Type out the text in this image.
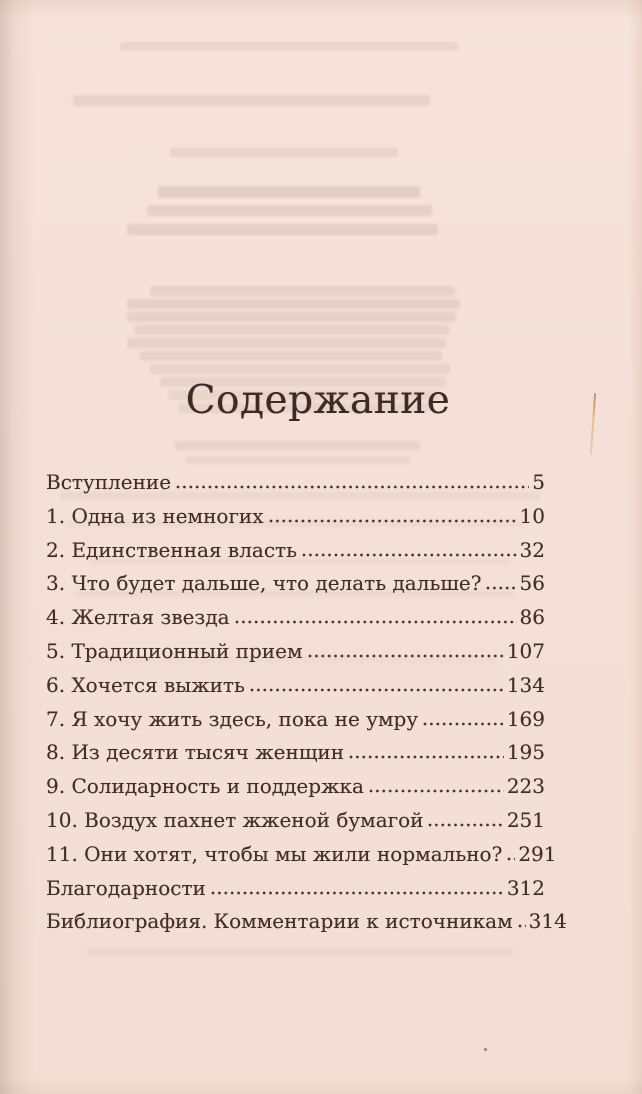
Содержание
Вступление	5
1. Одна из немногих	10
2. Единственная власть	32
3. Что будет дальше, что делать дальше? 56
4. Желтая звезда	86
5. Традиционный прием	107
6. Хочется выжить	134
7. Я хочу жить здесь, пока не умру	169
8. Из десяти тысяч женщин	195
9. Солидарность и поддержка	223
10. Воздух пахнет жженой бумагой	251
11. Они хотят, чтобы мы жили нормально? 291
Благодарности	312
Библиография. Комментарии к источникам 314
